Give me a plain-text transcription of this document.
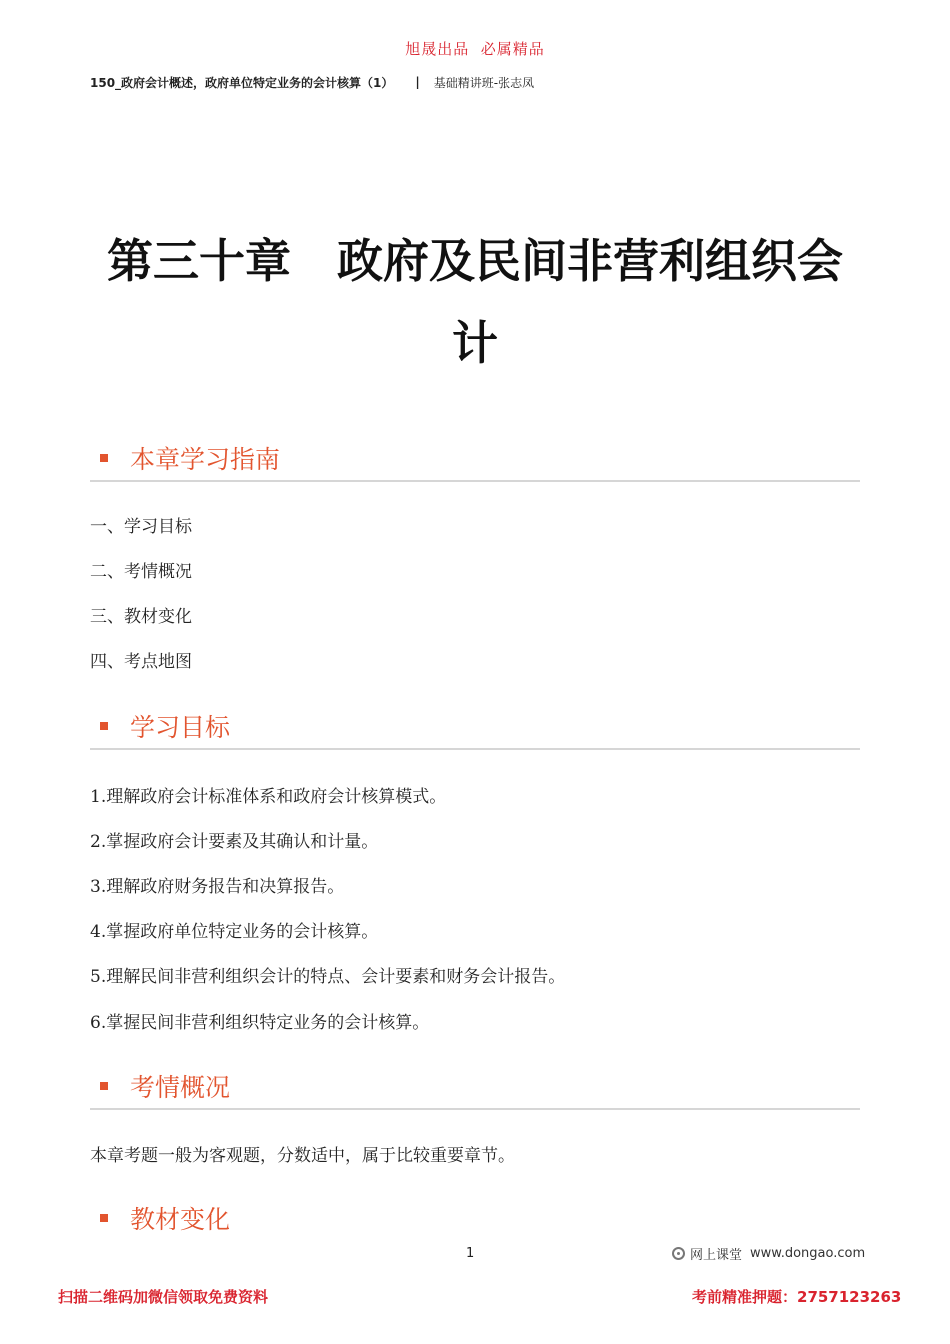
旭晟出品  必属精品
150_政府会计概述，政府单位特定业务的会计核算（1） | 基础精讲班-张志凤
第三十章　政府及民间非营利组织会计
本章学习指南
一、学习目标
二、考情概况
三、教材变化
四、考点地图
学习目标
1.理解政府会计标准体系和政府会计核算模式。
2.掌握政府会计要素及其确认和计量。
3.理解政府财务报告和决算报告。
4.掌握政府单位特定业务的会计核算。
5.理解民间非营利组织会计的特点、会计要素和财务会计报告。
6.掌握民间非营利组织特定业务的会计核算。
考情概况
本章考题一般为客观题，分数适中，属于比较重要章节。
教材变化
1	网上课堂 www.dongao.com
扫描二维码加微信领取免费资料	考前精准押题：2757123263
